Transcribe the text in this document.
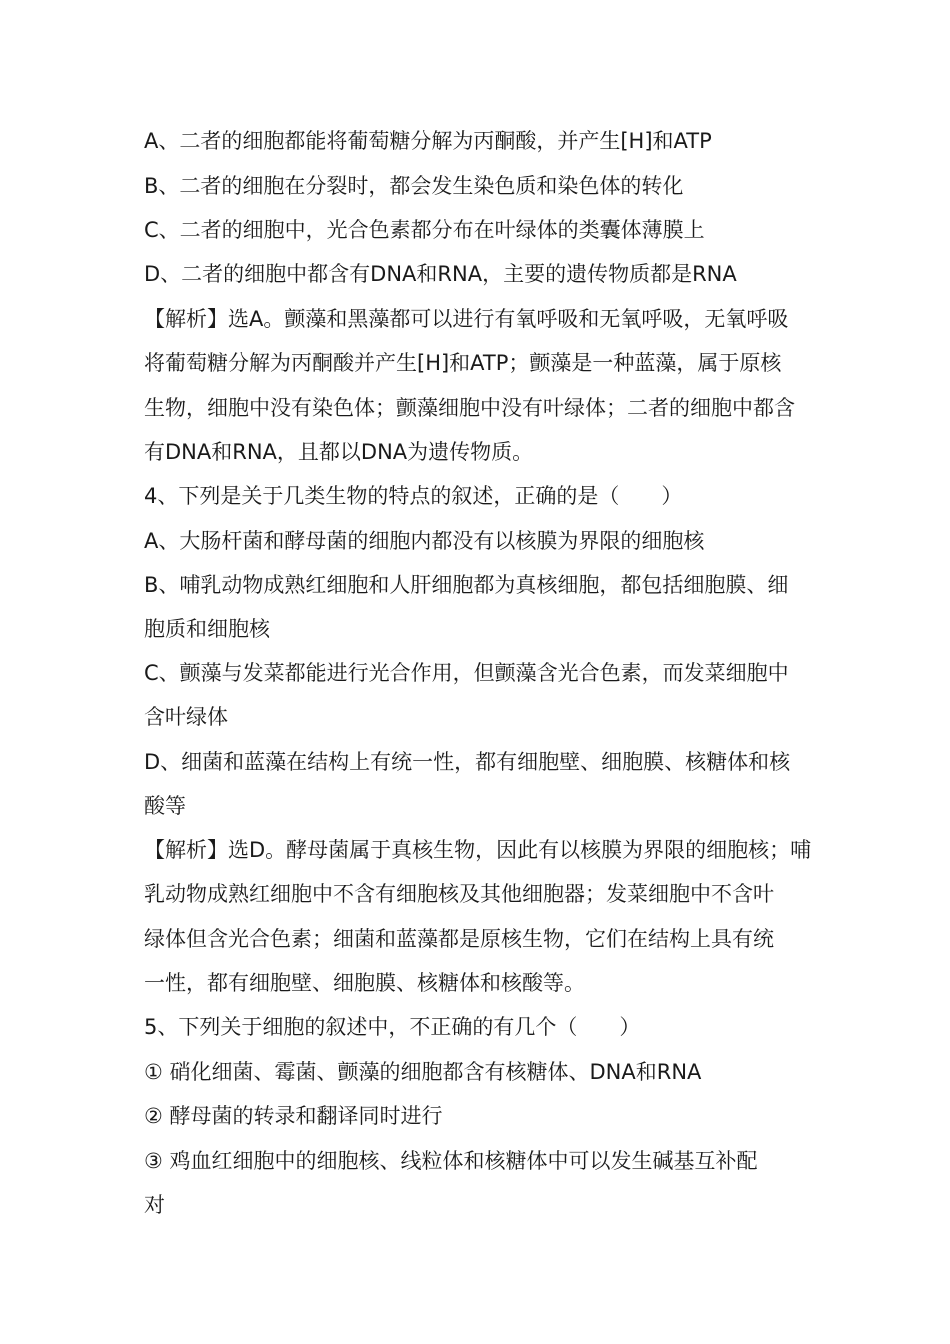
A、二者的细胞都能将葡萄糖分解为丙酮酸，并产生[H]和ATP
B、二者的细胞在分裂时，都会发生染色质和染色体的转化
C、二者的细胞中，光合色素都分布在叶绿体的类囊体薄膜上
D、二者的细胞中都含有DNA和RNA，主要的遗传物质都是RNA
【解析】选A。颤藻和黑藻都可以进行有氧呼吸和无氧呼吸，无氧呼吸
将葡萄糖分解为丙酮酸并产生[H]和ATP；颤藻是一种蓝藻，属于原核
生物，细胞中没有染色体；颤藻细胞中没有叶绿体；二者的细胞中都含
有DNA和RNA，且都以DNA为遗传物质。
4、下列是关于几类生物的特点的叙述，正确的是（　　）
A、大肠杆菌和酵母菌的细胞内都没有以核膜为界限的细胞核
B、哺乳动物成熟红细胞和人肝细胞都为真核细胞，都包括细胞膜、细
胞质和细胞核
C、颤藻与发菜都能进行光合作用，但颤藻含光合色素，而发菜细胞中
含叶绿体
D、细菌和蓝藻在结构上有统一性，都有细胞壁、细胞膜、核糖体和核
酸等
【解析】选D。酵母菌属于真核生物，因此有以核膜为界限的细胞核；哺
乳动物成熟红细胞中不含有细胞核及其他细胞器；发菜细胞中不含叶
绿体但含光合色素；细菌和蓝藻都是原核生物，它们在结构上具有统
一性，都有细胞壁、细胞膜、核糖体和核酸等。
5、下列关于细胞的叙述中，不正确的有几个（　　）
① 硝化细菌、霉菌、颤藻的细胞都含有核糖体、DNA和RNA
② 酵母菌的转录和翻译同时进行
③ 鸡血红细胞中的细胞核、线粒体和核糖体中可以发生碱基互补配
对
